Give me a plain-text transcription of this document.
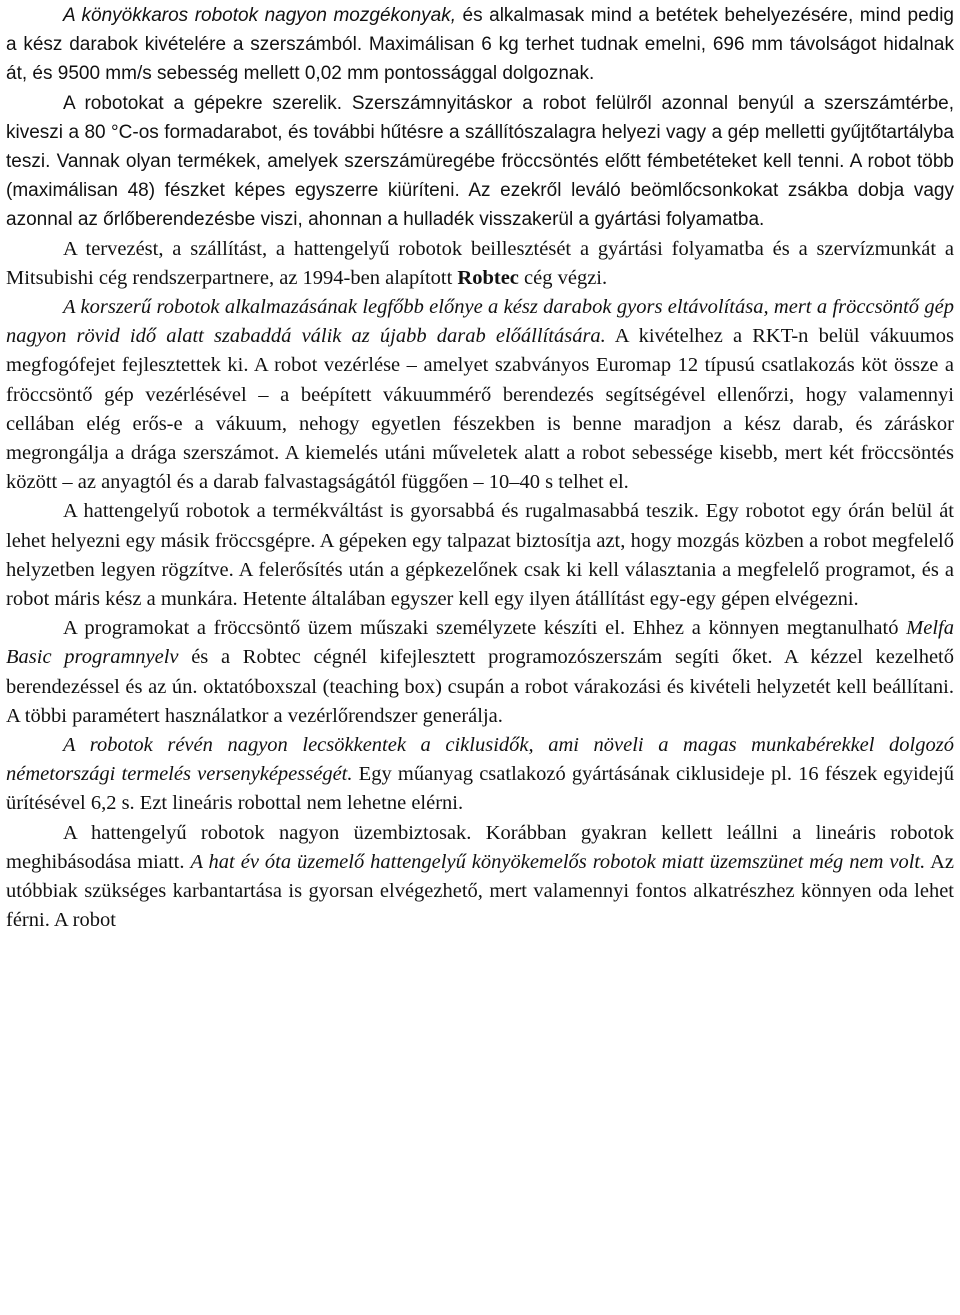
A könyökkaros robotok nagyon mozgékonyak, és alkalmasak mind a betétek behelyezésére, mind pedig a kész darabok kivételére a szerszámból. Maximálisan 6 kg terhet tudnak emelni, 696 mm távolságot hidalnak át, és 9500 mm/s sebesség mellett 0,02 mm pontossággal dolgoznak.

A robotokat a gépekre szerelik. Szerszámnyitáskor a robot felülről azonnal benyúl a szerszámtérbe, kiveszi a 80 °C-os formadarabot, és további hűtésre a szállítószalagra helyezi vagy a gép melletti gyűjtőtartályba teszi. Vannak olyan termékek, amelyek szerszámüregébe fröccsöntés előtt fémbetéteket kell tenni. A robot több (maximálisan 48) fészket képes egyszerre kiüríteni. Az ezekről leváló beömlőcsonkokat zsákba dobja vagy azonnal az őrlőberendezésbe viszi, ahonnan a hulladék visszakerül a gyártási folyamatba.

A tervezést, a szállítást, a hattengelyű robotok beillesztését a gyártási folyamatba és a szervízmunkát a Mitsubishi cég rendszerpartnere, az 1994-ben alapított Robtec cég végzi.

A korszerű robotok alkalmazásának legfőbb előnye a kész darabok gyors eltávolítása, mert a fröccsöntő gép nagyon rövid idő alatt szabaddá válik az újabb darab előállítására. A kivételhez a RKT-n belül vákuumos megfogófejet fejlesztettek ki. A robot vezérlése – amelyet szabványos Euromap 12 típusú csatlakozás köt össze a fröccsöntő gép vezérlésével – a beépített vákuummérő berendezés segítségével ellenőrzi, hogy valamennyi cellában elég erős-e a vákuum, nehogy egyetlen fészekben is benne maradjon a kész darab, és záráskor megrongálja a drága szerszámot. A kiemelés utáni műveletek alatt a robot sebessége kisebb, mert két fröccsöntés között – az anyagtól és a darab falvastagságától függően – 10–40 s telhet el.

A hattengelyű robotok a termékváltást is gyorsabbá és rugalmasabbá teszik. Egy robotot egy órán belül át lehet helyezni egy másik fröccsgépre. A gépeken egy talpazat biztosítja azt, hogy mozgás közben a robot megfelelő helyzetben legyen rögzítve. A felerősítés után a gépkezelőnek csak ki kell választania a megfelelő programot, és a robot máris kész a munkára. Hetente általában egyszer kell egy ilyen átállítást egy-egy gépen elvégezni.

A programokat a fröccsöntő üzem műszaki személyzete készíti el. Ehhez a könnyen megtanulható Melfa Basic programnyelv és a Robtec cégnél kifejlesztett programozószerszám segíti őket. A kézzel kezelhető berendezéssel és az ún. oktatóboxszal (teaching box) csupán a robot várakozási és kivételi helyzetét kell beállítani. A többi paramétert használatkor a vezérlőrendszer generálja.

A robotok révén nagyon lecsökkentek a ciklusidők, ami növeli a magas munkabérekkel dolgozó németországi termelés versenyképességét. Egy műanyag csatlakozó gyártásának ciklusideje pl. 16 fészek egyidejű ürítésével 6,2 s. Ezt lineáris robottal nem lehetne elérni.

A hattengelyű robotok nagyon üzembiztosak. Korábban gyakran kellett leállni a lineáris robotok meghibásodása miatt. A hat év óta üzemelő hattengelyű könyökemelős robotok miatt üzemszünet még nem volt. Az utóbbiak szükséges karbantartása is gyorsan elvégezhető, mert valamennyi fontos alkatrészhez könnyen oda lehet férni. A robot
